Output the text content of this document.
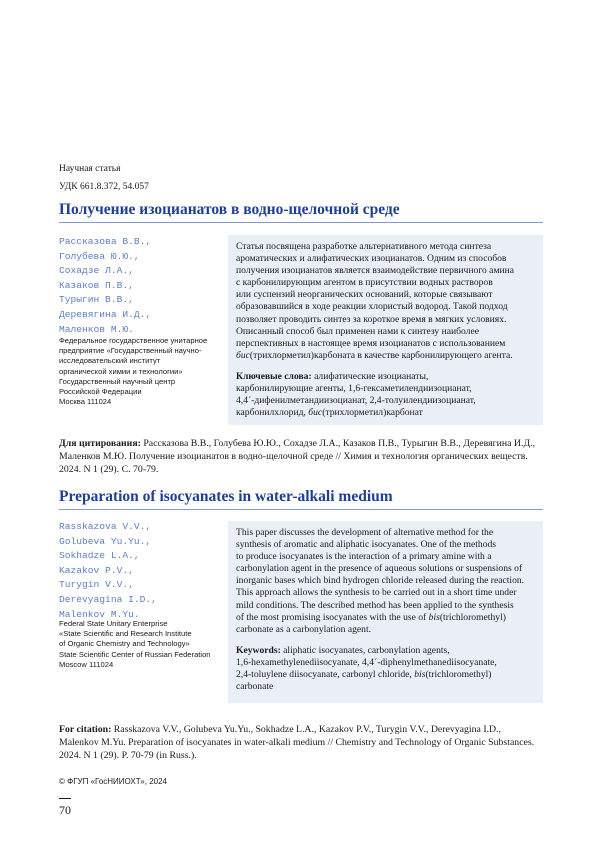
Научная статья
УДК 661.8.372, 54.057
Получение изоцианатов в водно-щелочной среде
Рассказова В.В.,
Голубева Ю.Ю.,
Сохадзе Л.А.,
Казаков П.В.,
Турыгин В.В.,
Деревягина И.Д.,
Маленков М.Ю.
Федеральное государственное унитарное
предприятие «Государственный научно-
исследовательский институт
органической химии и технологии»
Государственный научный центр
Российской Федерации
Москва 111024

Статья посвящена разработке альтернативного метода синтеза

ароматических и алифатических изоцианатов. Одним из способов

получения изоцианатов является взаимодействие первичного амина

с карбонилирующим агентом в присутствии водных растворов

или суспензий неорганических оснований, которые связывают

образовавшийся в ходе реакции хлористый водород. Такой подход

позволяет проводить синтез за короткое время в мягких условиях.

Описанный способ был применен нами к синтезу наиболее

перспективных в настоящее время изоцианатов с использованием

бис(трихлорметил)карбоната в качестве карбонилирующего агента.

Ключевые слова: алифатические изоцианаты,

карбонилирующие агенты, 1,6-гексаметилендиизоцианат,

4,4´-дифенилметандиизоцианат, 2,4-толуилендиизоцианат,

карбонилхлорид, бис(трихлорметил)карбонат

Для цитирования: Рассказова В.В., Голубева Ю.Ю., Сохадзе Л.А., Казаков П.В., Турыгин В.В., Деревягина И.Д.,
Маленков М.Ю. Получение изоцианатов в водно-щелочной среде // Химия и технология органических веществ.
2024. N 1 (29). С. 70-79.
Preparation of isocyanates in water-alkali medium
Rasskazova V.V.,
Golubeva Yu.Yu.,
Sokhadze L.A.,
Kazakov P.V.,
Turygin V.V.,
Derevyagina I.D.,
Malenkov M.Yu.
Federal State Unitary Enterprise
«State Scientific and Research Institute
of Organic Chemistry and Technology»
State Scientific Center of Russian Federation
Moscow 111024

This paper discusses the development of alternative method for the

synthesis of aromatic and aliphatic isocyanates. One of the methods

to produce isocyanates is the interaction of a primary amine with a

carbonylation agent in the presence of aqueous solutions or suspensions of

inorganic bases which bind hydrogen chloride released during the reaction.

This approach allows the synthesis to be carried out in a short time under

mild conditions. The described method has been applied to the synthesis

of the most promising isocyanates with the use of bis(trichloromethyl)

carbonate as a carbonylation agent.

Keywords: aliphatic isocyanates, carbonylation agents,

1,6-hexamethylenediisocyanate, 4,4´-diphenylmethanediisocyanate,

2,4-toluylene diisocyanate, carbonyl chloride, bis(trichloromethyl)

carbonate

For citation: Rasskazova V.V., Golubeva Yu.Yu., Sokhadze L.A., Kazakov P.V., Turygin V.V., Derevyagina I.D.,
Malenkov M.Yu. Preparation of isocyanates in water-alkali medium // Chemistry and Technology of Organic Substances.
2024. N 1 (29). P. 70-79 (in Russ.).
© ФГУП «ГосНИИОХТ», 2024
70
